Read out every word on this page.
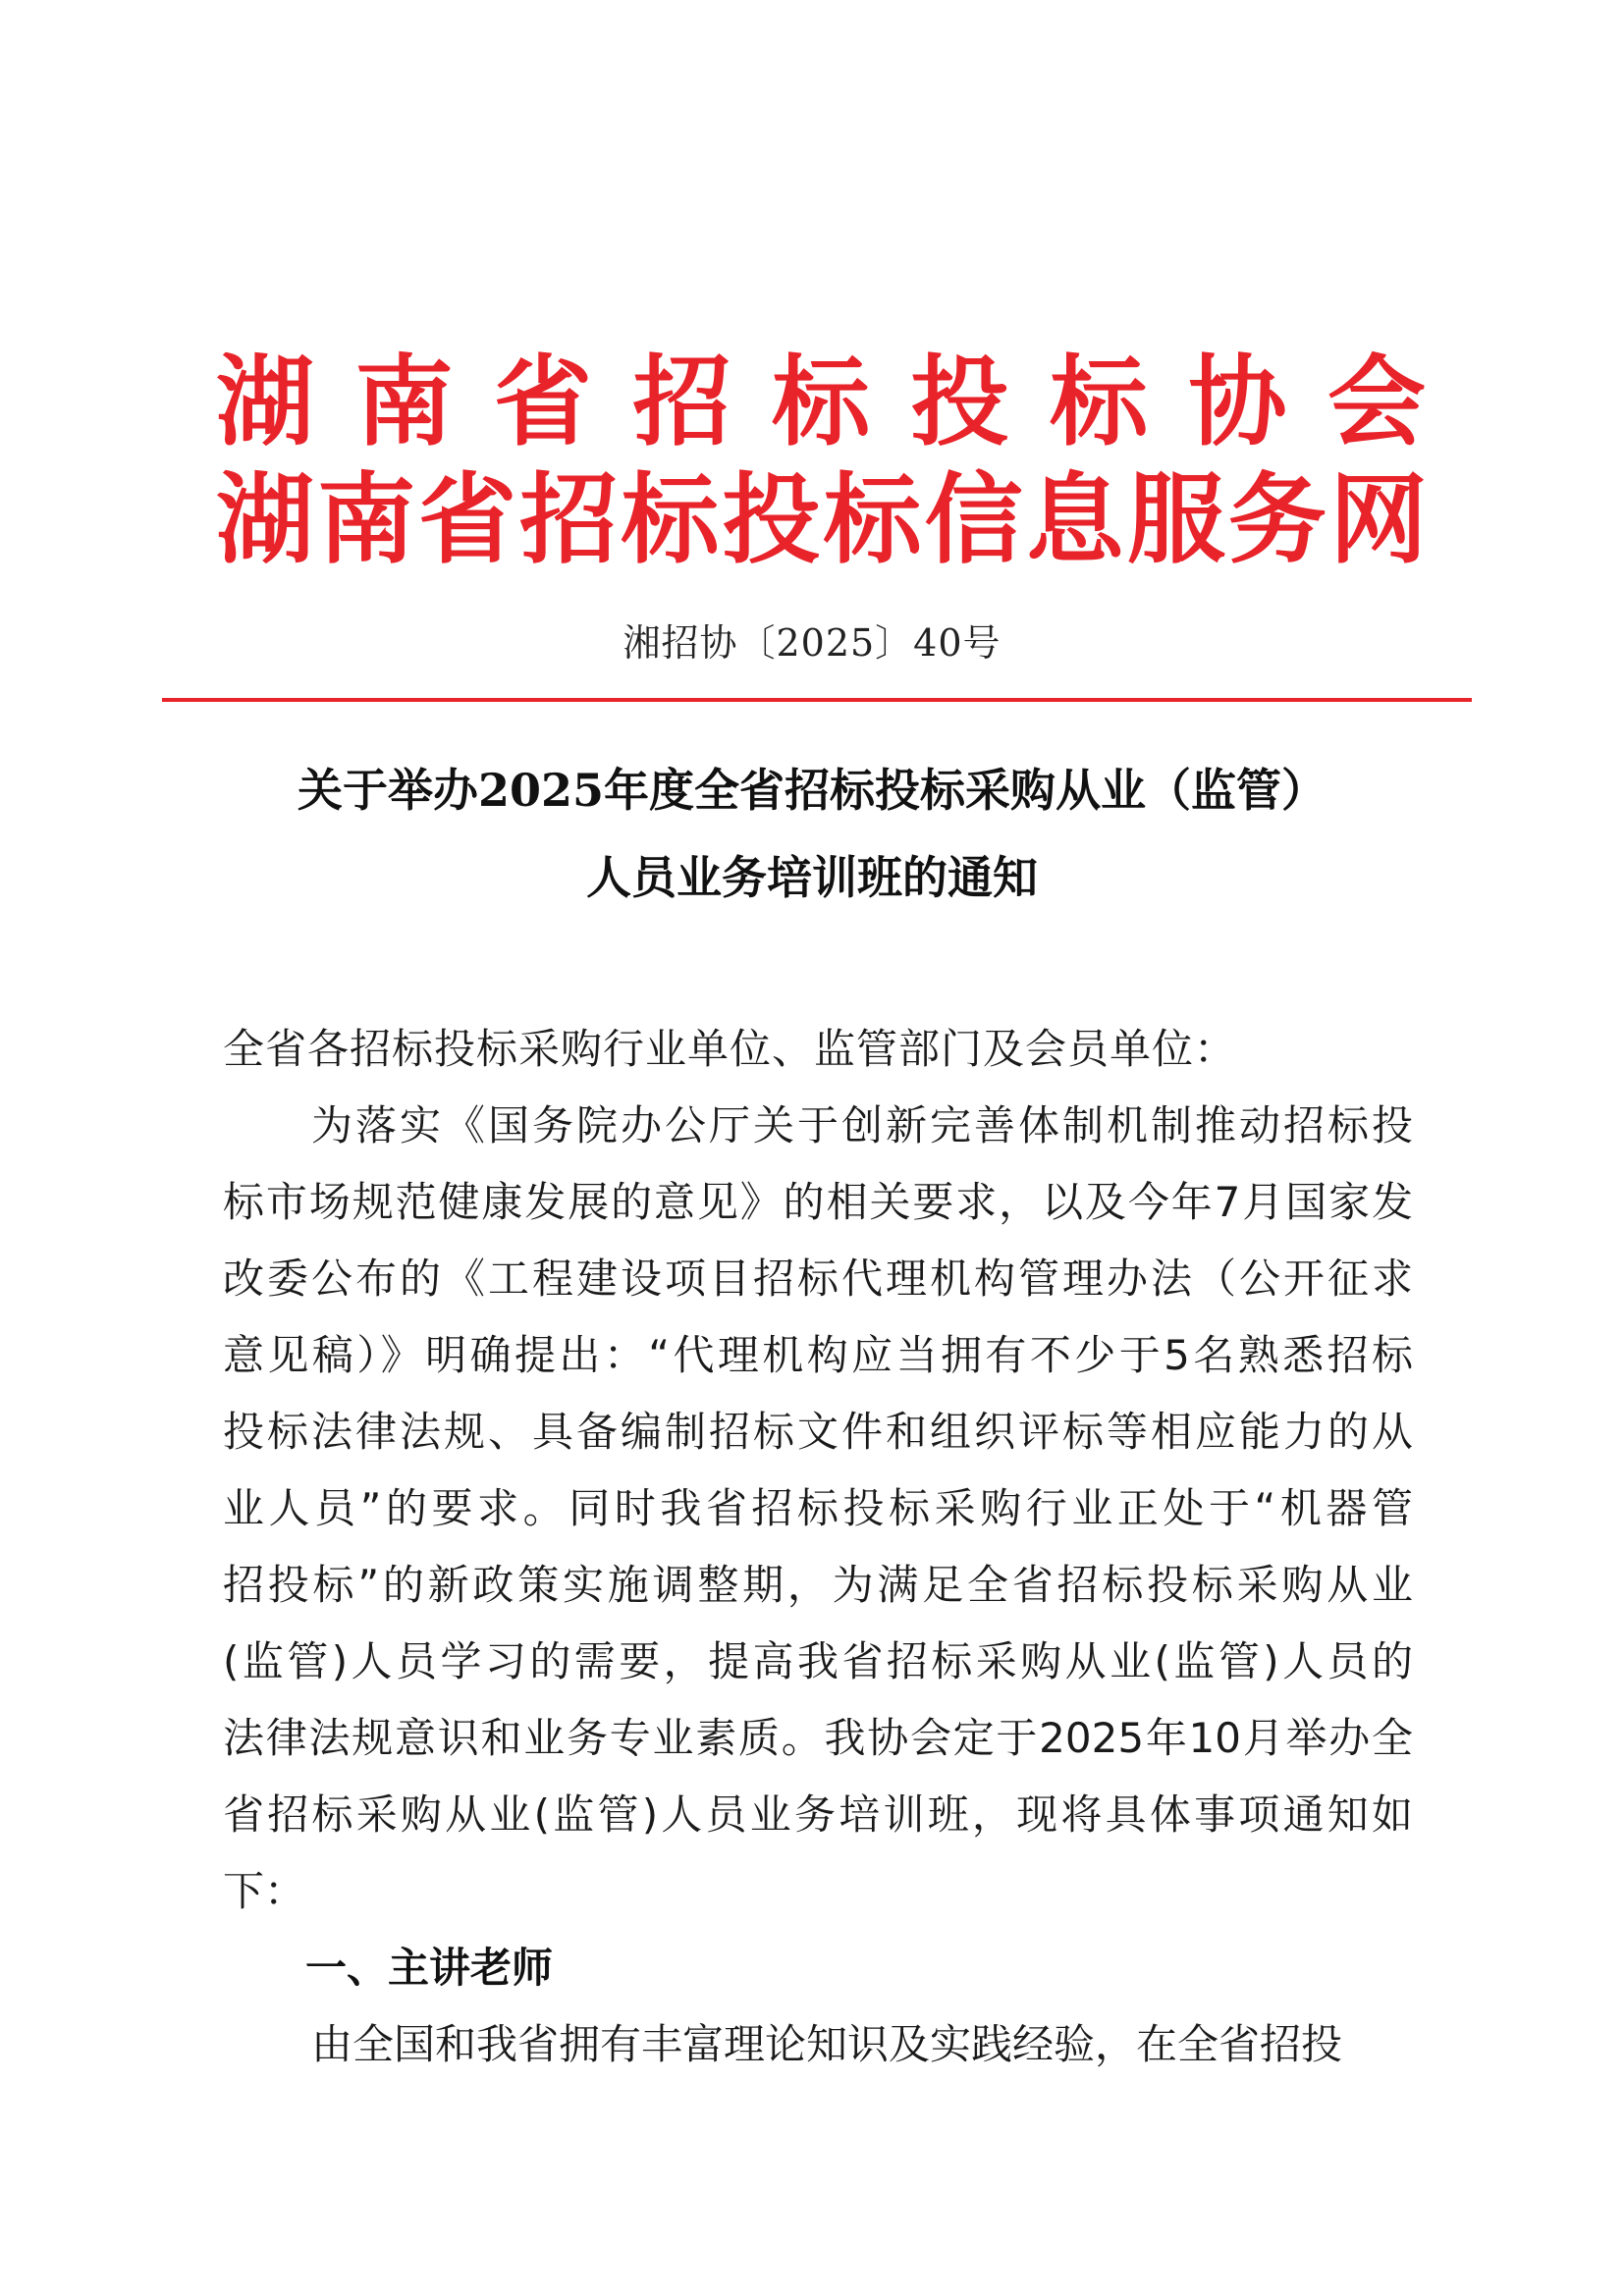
湖南省招标投标协会
湖南省招标投标信息服务网
湘招协〔2025〕40号
关于举办2025年度全省招标投标采购从业（监管）
人员业务培训班的通知

全省各招标投标采购行业单位、监管部门及会员单位：

为落实《国务院办公厅关于创新完善体制机制推动招标投

标市场规范健康发展的意见》的相关要求，以及今年7月国家发

改委公布的《工程建设项目招标代理机构管理办法（公开征求

意见稿）》明确提出：“代理机构应当拥有不少于5名熟悉招标

投标法律法规、具备编制招标文件和组织评标等相应能力的从

业人员”的要求。同时我省招标投标采购行业正处于“机器管

招投标”的新政策实施调整期，为满足全省招标投标采购从业

(监管)人员学习的需要，提高我省招标采购从业(监管)人员的

法律法规意识和业务专业素质。我协会定于2025年10月举办全

省招标采购从业(监管)人员业务培训班，现将具体事项通知如

下：

一、主讲老师

由全国和我省拥有丰富理论知识及实践经验，在全省招投
